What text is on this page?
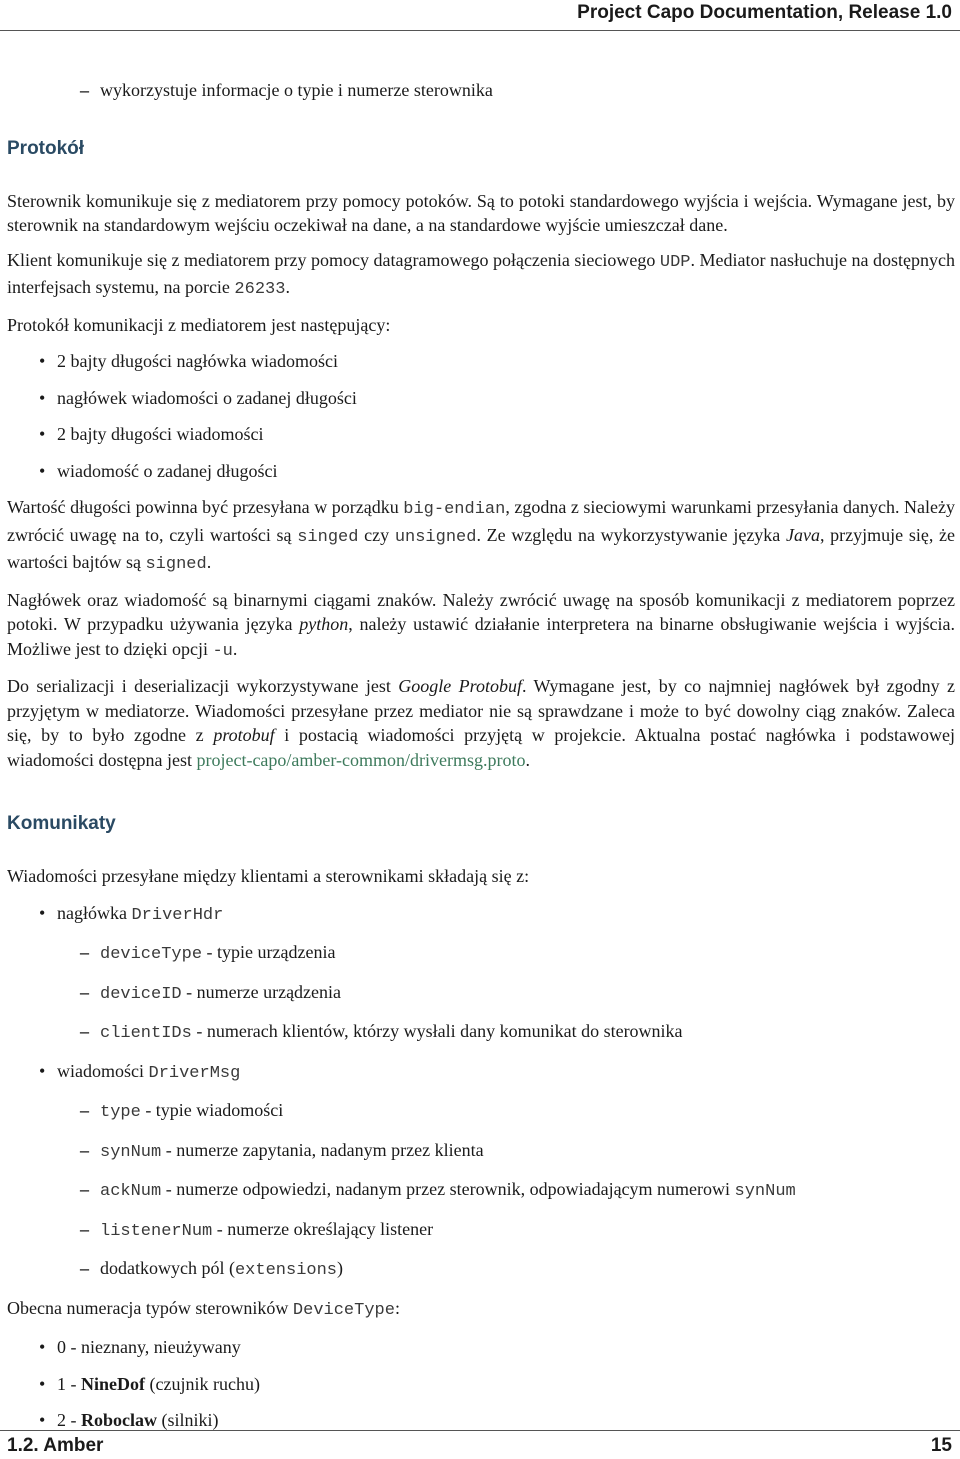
Project Capo Documentation, Release 1.0
– wykorzystuje informacje o typie i numerze sterownika
Protokół

Sterownik komunikuje się z mediatorem przy pomocy potoków. Są to potoki standardowego wyjścia i wejścia. Wymagane jest, by sterownik na standardowym wejściu oczekiwał na dane, a na standardowe wyjście umieszczał dane.

Klient komunikuje się z mediatorem przy pomocy datagramowego połączenia sieciowego UDP. Mediator nasłuchuje na dostępnych interfejsach systemu, na porcie 26233.

Protokół komunikacji z mediatorem jest następujący:

• 2 bajty długości nagłówka wiadomości
• nagłówek wiadomości o zadanej długości
• 2 bajty długości wiadomości
• wiadomość o zadanej długości

Wartość długości powinna być przesyłana w porządku big-endian, zgodna z sieciowymi warunkami przesyłania danych. Należy zwrócić uwagę na to, czyli wartości są singed czy unsigned. Ze względu na wykorzystywanie języka Java, przyjmuje się, że wartości bajtów są signed.

Nagłówek oraz wiadomość są binarnymi ciągami znaków. Należy zwrócić uwagę na sposób komunikacji z mediatorem poprzez potoki. W przypadku używania języka python, należy ustawić działanie interpretera na binarne obsługiwanie wejścia i wyjścia. Możliwe jest to dzięki opcji -u.

Do serializacji i deserializacji wykorzystywane jest Google Protobuf. Wymagane jest, by co najmniej nagłówek był zgodny z przyjętym w mediatorze. Wiadomości przesyłane przez mediator nie są sprawdzane i może to być dowolny ciąg znaków. Zaleca się, by to było zgodne z protobuf i postacią wiadomości przyjętą w projekcie. Aktualna postać nagłówka i podstawowej wiadomości dostępna jest project-capo/amber-common/drivermsg.proto.

Komunikaty

Wiadomości przesyłane między klientami a sterownikami składają się z:

• nagłówka DriverHdr
– deviceType - typie urządzenia
– deviceID - numerze urządzenia
– clientIDs - numerach klientów, którzy wysłali dany komunikat do sterownika
• wiadomości DriverMsg
– type - typie wiadomości
– synNum - numerze zapytania, nadanym przez klienta
– ackNum - numerze odpowiedzi, nadanym przez sterownik, odpowiadającym numerowi synNum
– listenerNum - numerze określający listener
– dodatkowych pól (extensions)

Obecna numeracja typów sterowników DeviceType:

• 0 - nieznany, nieużywany
• 1 - NineDof (czujnik ruchu)
• 2 - Roboclaw (silniki)
1.2. Amber	15
